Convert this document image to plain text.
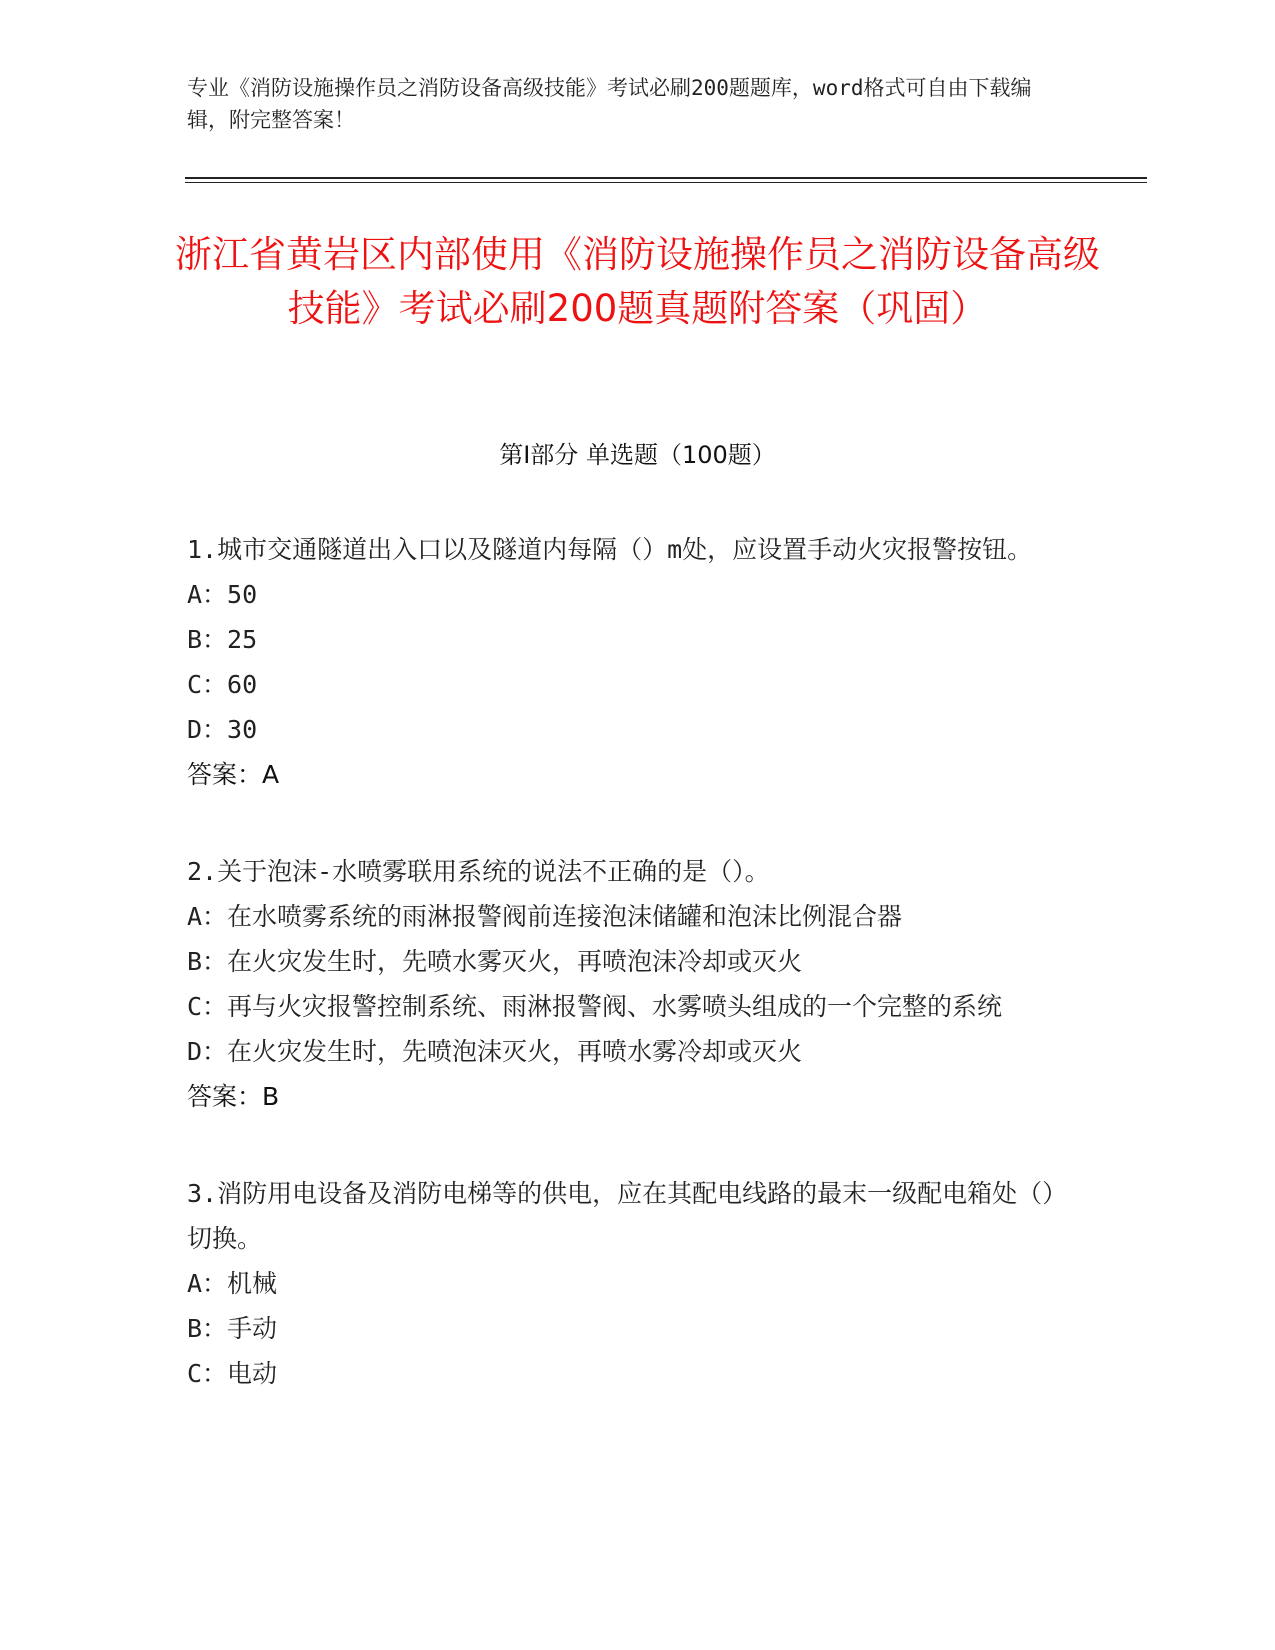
专业《消防设施操作员之消防设备高级技能》考试必刷200题题库，word格式可自由下载编辑，附完整答案！
浙江省黄岩区内部使用《消防设施操作员之消防设备高级技能》考试必刷200题真题附答案（巩固）
第Ⅰ部分 单选题（100题）
1.城市交通隧道出入口以及隧道内每隔（）m处，应设置手动火灾报警按钮。
A：50
B：25
C：60
D：30
答案：A
2.关于泡沫-水喷雾联用系统的说法不正确的是（）。
A：在水喷雾系统的雨淋报警阀前连接泡沫储罐和泡沫比例混合器
B：在火灾发生时，先喷水雾灭火，再喷泡沫冷却或灭火
C：再与火灾报警控制系统、雨淋报警阀、水雾喷头组成的一个完整的系统
D：在火灾发生时，先喷泡沫灭火，再喷水雾冷却或灭火
答案：B
3.消防用电设备及消防电梯等的供电，应在其配电线路的最末一级配电箱处（）切换。
A：机械
B：手动
C：电动
